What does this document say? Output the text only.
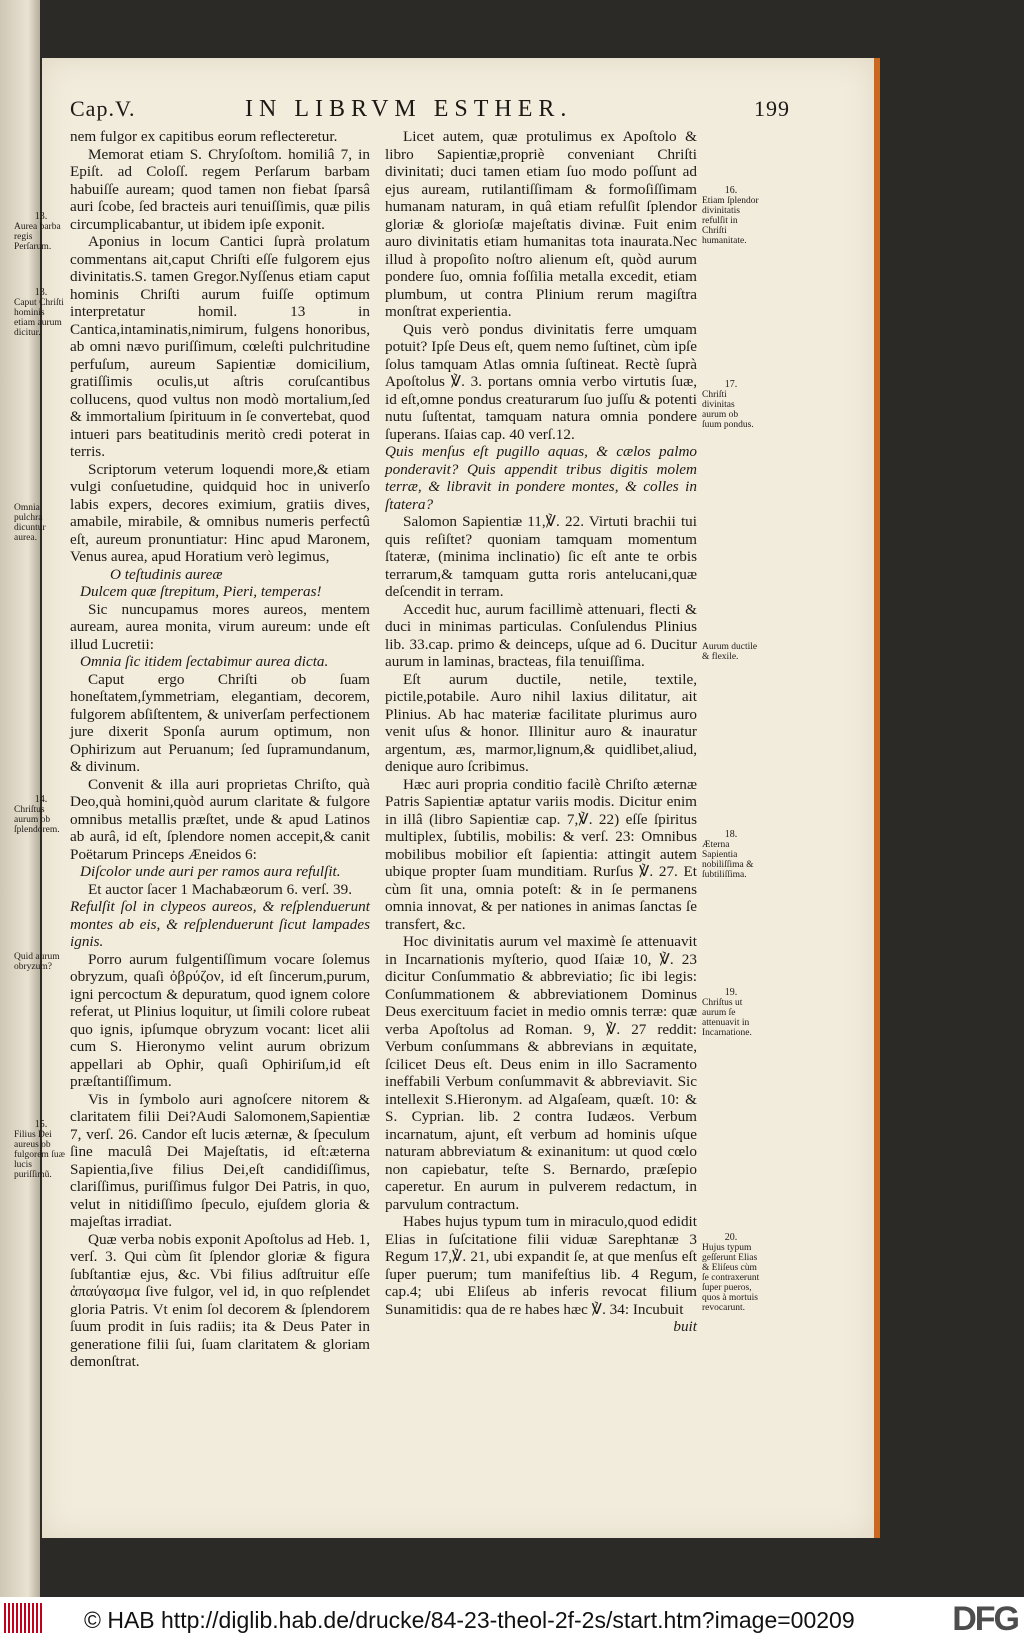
Cap.V.	IN LIBRVM ESTHER.	199

nem fulgor ex capitibus eorum reflecteretur.

Memorat etiam S. Chryſoſtom. homiliâ 7, in Epiſt. ad Coloſſ. regem Perſarum barbam habuiſſe auream; quod tamen non fiebat ſparsâ auri ſcobe, ſed bracteis auri tenuiſſimis, quæ pilis circumplicabantur, ut ibidem ipſe exponit.

Aponius in locum Cantici ſuprà prolatum commentans ait,caput Chriſti eſſe fulgorem ejus divinitatis.S. tamen Gregor.Nyſſenus etiam caput hominis Chriſti aurum fuiſſe optimum interpretatur homil. 13 in Cantica,intaminatis,nimirum, fulgens honoribus, ab omni nævo puriſſimum, cœleſti pulchritudine perfuſum, aureum Sapientiæ domicilium, gratiſſimis oculis,ut aſtris coruſcantibus collucens, quod vultus non modò mortalium,ſed & immortalium ſpirituum in ſe convertebat, quod intueri pars beatitudinis meritò credi poterat in terris.

Scriptorum veterum loquendi more,& etiam vulgi conſuetudine, quidquid hoc in univerſo labis expers, decores eximium, gratiis dives, amabile, mirabile, & omnibus numeris perfectû eſt, aureum pronuntiatur: Hinc apud Maronem, Venus aurea, apud Horatium verò legimus,

O teſtudinis aureæ

Dulcem quæ ſtrepitum, Pieri, temperas!

Sic nuncupamus mores aureos, mentem auream, aurea monita, virum aureum: unde eſt illud Lucretii:

Omnia ſic itidem ſectabimur aurea dicta.

Caput ergo Chriſti ob ſuam honeſtatem,ſymmetriam, elegantiam, decorem, fulgorem abſiſtentem, & univerſam perfectionem jure dixerit Sponſa aurum optimum, non Ophirizum aut Peruanum; ſed ſupramundanum, & divinum.

Convenit & illa auri proprietas Chriſto, quà Deo,quà homini,quòd aurum claritate & fulgore omnibus metallis præſtet, unde & apud Latinos ab aurâ, id eſt, ſplendore nomen accepit,& canit Poëtarum Princeps Æneidos 6:

Diſcolor unde auri per ramos aura refulſit.

Et auctor ſacer 1 Machabæorum 6. verſ. 39.

Refulſit ſol in clypeos aureos, & reſplenduerunt montes ab eis, & reſplenduerunt ſicut lampades ignis.

Porro aurum fulgentiſſimum vocare ſolemus obryzum, quaſi ὀβρύζον, id eſt ſincerum,purum, igni percoctum & depuratum, quod ignem colore referat, ut Plinius loquitur, ut ſimili colore rubeat quo ignis, ipſumque obryzum vocant: licet alii cum S. Hieronymo velint aurum obrizum appellari ab Ophir, quaſi Ophiriſum,id eſt præſtantiſſimum.

Vis in ſymbolo auri agnoſcere nitorem & claritatem filii Dei?Audi Salomonem,Sapientiæ 7, verſ. 26. Candor eſt lucis æternæ, & ſpeculum ſine maculâ Dei Majeſtatis, id eſt:æterna Sapientia,ſive filius Dei,eſt candidiſſimus, clariſſimus, puriſſimus fulgor Dei Patris, in quo, velut in nitidiſſimo ſpeculo, ejuſdem gloria & majeſtas irradiat.

Quæ verba nobis exponit Apoſtolus ad Heb. 1, verſ. 3. Qui cùm ſit ſplendor gloriæ & figura ſubſtantiæ ejus, &c. Vbi filius adſtruitur eſſe ἀπαύγασμα ſive fulgor, vel id, in quo reſplendet gloria Patris. Vt enim ſol decorem & ſplendorem ſuum prodit in ſuis radiis; ita & Deus Pater in generatione filii ſui, ſuam claritatem & gloriam demonſtrat.

Licet autem, quæ protulimus ex Apoſtolo & libro Sapientiæ,propriè conveniant Chriſti divinitati; duci tamen etiam ſuo modo poſſunt ad ejus auream, rutilantiſſimam & formoſiſſimam humanam naturam, in quâ etiam refulſit ſplendor gloriæ & glorioſæ majeſtatis divinæ. Fuit enim auro divinitatis etiam humanitas tota inaurata.Nec illud à propoſito noſtro alienum eſt, quòd aurum pondere ſuo, omnia foſſilia metalla excedit, etiam plumbum, ut contra Plinium rerum magiſtra monſtrat experientia.

Quis verò pondus divinitatis ferre umquam potuit? Ipſe Deus eſt, quem nemo ſuſtinet, cùm ipſe ſolus tamquam Atlas omnia ſuſtineat. Rectè ſuprà Apoſtolus ℣. 3. portans omnia verbo virtutis ſuæ, id eſt,omne pondus creaturarum ſuo juſſu & potenti nutu ſuſtentat, tamquam natura omnia pondere ſuperans. Iſaias cap. 40 verſ.12.

Quis menſus eſt pugillo aquas, & cælos palmo ponderavit? Quis appendit tribus digitis molem terræ, & libravit in pondere montes, & colles in ſtatera?

Salomon Sapientiæ 11,℣. 22. Virtuti brachii tui quis reſiſtet? quoniam tamquam momentum ſtateræ, (minima inclinatio) ſic eſt ante te orbis terrarum,& tamquam gutta roris antelucani,quæ deſcendit in terram.

Accedit huc, aurum facillimè attenuari, flecti & duci in minimas particulas. Conſulendus Plinius lib. 33.cap. primo & deinceps, uſque ad 6. Ducitur aurum in laminas, bracteas, fila tenuiſſima.

Eſt aurum ductile, netile, textile, pictile,potabile. Auro nihil laxius dilitatur, ait Plinius. Ab hac materiæ facilitate plurimus auro venit uſus & honor. Illinitur auro & inauratur argentum, æs, marmor,lignum,& quidlibet,aliud, denique auro ſcribimus.

Hæc auri propria conditio facilè Chriſto æternæ Patris Sapientiæ aptatur variis modis. Dicitur enim in illâ (libro Sapientiæ cap. 7,℣. 22) eſſe ſpiritus multiplex, ſubtilis, mobilis: & verſ. 23: Omnibus mobilibus mobilior eſt ſapientia: attingit autem ubique propter ſuam munditiam. Rurſus ℣. 27. Et cùm ſit una, omnia poteſt: & in ſe permanens omnia innovat, & per nationes in animas ſanctas ſe transfert, &c.

Hoc divinitatis aurum vel maximè ſe attenuavit in Incarnationis myſterio, quod Iſaiæ 10, ℣. 23 dicitur Conſummatio & abbreviatio; ſic ibi legis: Conſummationem & abbreviationem Dominus Deus exercituum faciet in medio omnis terræ: quæ verba Apoſtolus ad Roman. 9, ℣. 27 reddit: Verbum conſummans & abbrevians in æquitate, ſcilicet Deus eſt. Deus enim in illo Sacramento ineffabili Verbum conſummavit & abbreviavit. Sic intellexit S.Hieronym. ad Algaſeam, quæſt. 10: & S. Cyprian. lib. 2 contra Iudæos. Verbum incarnatum, ajunt, eſt verbum ad hominis uſque naturam abbreviatum & exinanitum: ut quod cœlo non capiebatur, teſte S. Bernardo, præſepio caperetur. En aurum in pulverem redactum, in parvulum contractum.

Habes hujus typum tum in miraculo,quod edidit Elias in ſuſcitatione filii viduæ Sarephtanæ 3 Regum 17,℣. 21, ubi expandit ſe, at que menſus eſt ſuper puerum; tum manifeſtius lib. 4 Regum, cap.4; ubi Eliſeus ab inferis revocat filium Sunamitidis: qua de re habes hæc ℣. 34: Incubuit

buit

13.
Aurea barba regis Perſarum.
13.
Caput Chriſti hominis etiam aurum dicitur.
Omnia pulchra dicuntur aurea.
14.
Chriſtus aurum ob ſplendorem.
Quid aurum obryzum?
15.
Filius Dei aureus ob fulgorem ſuæ lucis puriſſimũ.
16.
Etiam ſplendor divinitatis refulſit in Chriſti humanitate.
17.
Chriſti divinitas aurum ob ſuum pondus.
Aurum ductile & flexile.
18.
Æterna Sapientia nobiliſſima & ſubtiliſſima.
19.
Chriſtus ut aurum ſe attenuavit in Incarnatione.
20.
Hujus typum geſſerunt Elias & Eliſeus cùm ſe contraxerunt ſuper pueros, quos à mortuis revocarunt.
© HAB http://diglib.hab.de/drucke/84-23-theol-2f-2s/start.htm?image=00209	DFG
